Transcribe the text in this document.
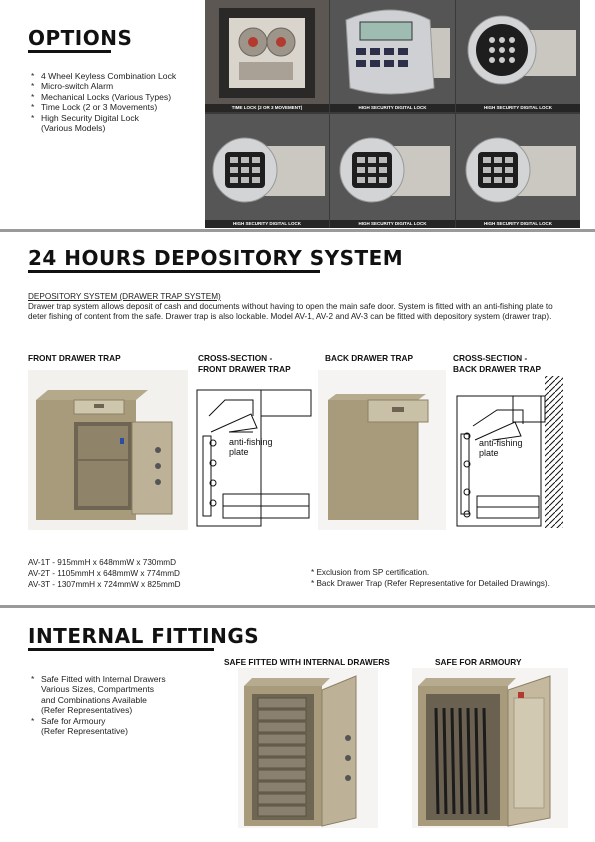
OPTIONS
* 4 Wheel Keyless Combination Lock
* Micro-switch Alarm
* Mechanical Locks (Various Types)
* Time Lock (2 or 3 Movements)
* High Security Digital Lock
(Various Models)
TIME LOCK (2 OR 3 MOVEMENT)	HIGH SECURITY DIGITAL LOCK	HIGH SECURITY DIGITAL LOCK
HIGH SECURITY DIGITAL LOCK	HIGH SECURITY DIGITAL LOCK	HIGH SECURITY DIGITAL LOCK
24 HOURS DEPOSITORY SYSTEM
DEPOSITORY SYSTEM (DRAWER TRAP SYSTEM)
Drawer trap system allows deposit of cash and documents without having to open the main safe door. System is fitted with an anti-fishing plate to deter fishing of content from the safe. Drawer trap is also lockable. Model AV-1, AV-2 and AV-3 can be fitted with depository system (drawer trap).
FRONT DRAWER TRAP	CROSS-SECTION -
FRONT DRAWER TRAP
BACK DRAWER TRAP	CROSS-SECTION -
BACK DRAWER TRAP
anti-fishing
plate
anti-fishing
plate
AV-1T - 915mmH x 648mmW x 730mmD
AV-2T - 1105mmH x 648mmW x 774mmD
AV-3T - 1307mmH x 724mmW x 825mmD
* Exclusion from SP certification.
* Back Drawer Trap (Refer Representative for Detailed Drawings).
INTERNAL FITTINGS
* Safe Fitted with Internal Drawers
Various Sizes, Compartments
and Combinations Available
(Refer Representatives)
* Safe for Armoury
(Refer Representative)
SAFE FITTED WITH INTERNAL DRAWERS	SAFE FOR ARMOURY
